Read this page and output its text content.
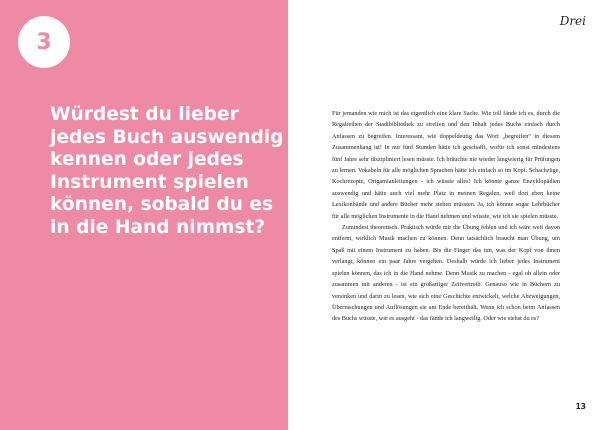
3
Würdest du lieber
jedes Buch auswendig
kennen oder jedes
Instrument spielen
können, sobald du es
in die Hand nimmst?
Drei

Für jemanden wie mich ist das eigentlich eine klare Sache. Wie toll fände ich es, durch die Regalreihen der Stadtbibliothek zu streifen und den Inhalt jedes Buchs einfach durch Anfassen zu begreifen. Interessant, wie doppeldeutig das Wort „begreifen“ in diesem Zusammenhang ist! In nur fünf Stunden hätte ich geschafft, wofür ich sonst mindestens fünf Jahre sehr diszipliniert lesen müsste. Ich bräuchte nie wieder langwierig für Prüfungen zu lernen. Vokabeln für alle möglichen Sprachen hätte ich einfach so im Kopf. Schachzüge, Kochrezepte, Origamianleitungen - ich wüsste alles! Ich könnte ganze Enzyklopädien auswendig und hätte auch viel mehr Platz in meinen Regalen, weil dort eben keine Lexikonbände und andere Bücher mehr stehen müssten. Ja, ich könnte sogar Lehrbücher für alle möglichen Instrumente in die Hand nehmen und wüsste, wie ich sie spielen müsste.

Zumindest theoretisch. Praktisch würde mir die Übung fehlen und ich wäre weit davon entfernt, wirklich Musik machen zu können. Denn tatsächlich braucht man Übung, um Spaß mit einem Instrument zu haben. Bis die Finger das tun, was der Kopf von ihnen verlangt, können ein paar Jahre vergehen. Deshalb würde ich lieber jedes Instrument spielen können, das ich in die Hand nehme. Denn Musik zu machen - egal ob allein oder zusammen mit anderen - ist ein großartiger Zeitvertreib. Genauso wie in Büchern zu versinken und darin zu lesen, wie sich eine Geschichte entwickelt, welche Abzweigungen, Überraschungen und Auflösungen sie am Ende bereithält. Wenn ich schon beim Anfassen des Buchs wüsste, wie es ausgeht - das fände ich langweilig. Oder wie siehst du es?

13
